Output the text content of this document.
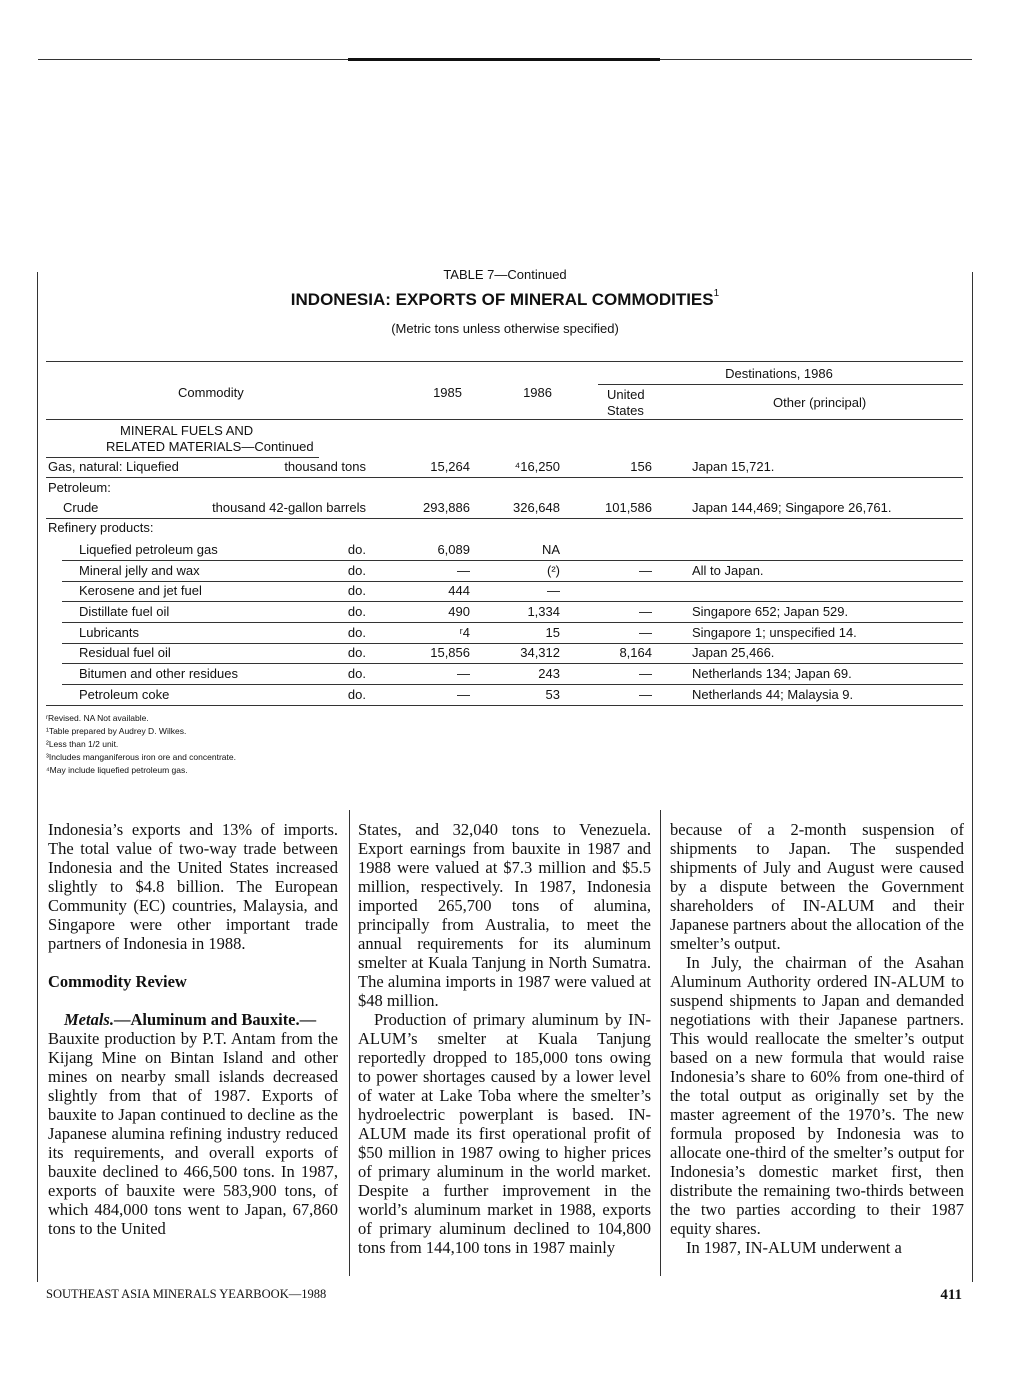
TABLE 7—Continued
INDONESIA: EXPORTS OF MINERAL COMMODITIES$^1$
(Metric tons unless otherwise specified)
Destinations, 1986
Commodity	1985	1986	United
States
Other (principal)
MINERAL FUELS AND
RELATED MATERIALS—Continued
Gas, natural: Liquefied	thousand tons	15,264	⁴16,250	156	Japan 15,721.
Petroleum:
Crude	thousand 42-gallon barrels	293,886	326,648	101,586	Japan 144,469; Singapore 26,761.
Refinery products:
Liquefied petroleum gas	do.	6,089	NA
Mineral jelly and wax	do.	—	(²)	—	All to Japan.
Kerosene and jet fuel	do.	444	—
Distillate fuel oil	do.	490	1,334	—	Singapore 652; Japan 529.
Lubricants	do.	ʳ4	15	—	Singapore 1; unspecified 14.
Residual fuel oil	do.	15,856	34,312	8,164	Japan 25,466.
Bitumen and other residues	do.	—	243	—	Netherlands 134; Japan 69.
Petroleum coke	do.	—	53	—	Netherlands 44; Malaysia 9.
ʳRevised. NA Not available.
¹Table prepared by Audrey D. Wilkes.
²Less than 1/2 unit.
³Includes manganiferous iron ore and concentrate.
⁴May include liquefied petroleum gas.

Indonesia’s exports and 13% of imports. The total value of two-way trade between Indonesia and the United States increased slightly to $4.8 billion. The European Community (EC) countries, Malaysia, and Singapore were other important trade partners of Indonesia in 1988.

Commodity Review

Metals.—Aluminum and Bauxite.—

Bauxite production by P.T. Antam from the Kijang Mine on Bintan Island and other mines on nearby small islands decreased slightly from that of 1987. Exports of bauxite to Japan continued to decline as the Japanese alumina refining industry reduced its requirements, and overall exports of bauxite declined to 466,500 tons. In 1987, exports of bauxite were 583,900 tons, of which 484,000 tons went to Japan, 67,860 tons to the United

States, and 32,040 tons to Venezuela. Export earnings from bauxite in 1987 and 1988 were valued at $7.3 million and $5.5 million, respectively. In 1987, Indonesia imported 265,700 tons of alumina, principally from Australia, to meet the annual requirements for its aluminum smelter at Kuala Tanjung in North Sumatra. The alumina imports in 1987 were valued at $48 million.

Production of primary aluminum by IN-ALUM’s smelter at Kuala Tanjung reportedly dropped to 185,000 tons owing to power shortages caused by a lower level of water at Lake Toba where the smelter’s hydroelectric powerplant is based. IN-ALUM made its first operational profit of $50 million in 1987 owing to higher prices of primary aluminum in the world market. Despite a further improvement in the world’s aluminum market in 1988, exports of primary aluminum declined to 104,800 tons from 144,100 tons in 1987 mainly

because of a 2-month suspension of shipments to Japan. The suspended shipments of July and August were caused by a dispute between the Government shareholders of IN-ALUM and their Japanese partners about the allocation of the smelter’s output.

In July, the chairman of the Asahan Aluminum Authority ordered IN-ALUM to suspend shipments to Japan and demanded negotiations with their Japanese partners. This would reallocate the smelter’s output based on a new formula that would raise Indonesia’s share to 60% from one-third of the total output as originally set by the master agreement of the 1970’s. The new formula proposed by Indonesia was to allocate one-third of the smelter’s output for Indonesia’s domestic market first, then distribute the remaining two-thirds between the two parties according to their 1987 equity shares.

In 1987, IN-ALUM underwent a

SOUTHEAST ASIA MINERALS YEARBOOK—1988	411
